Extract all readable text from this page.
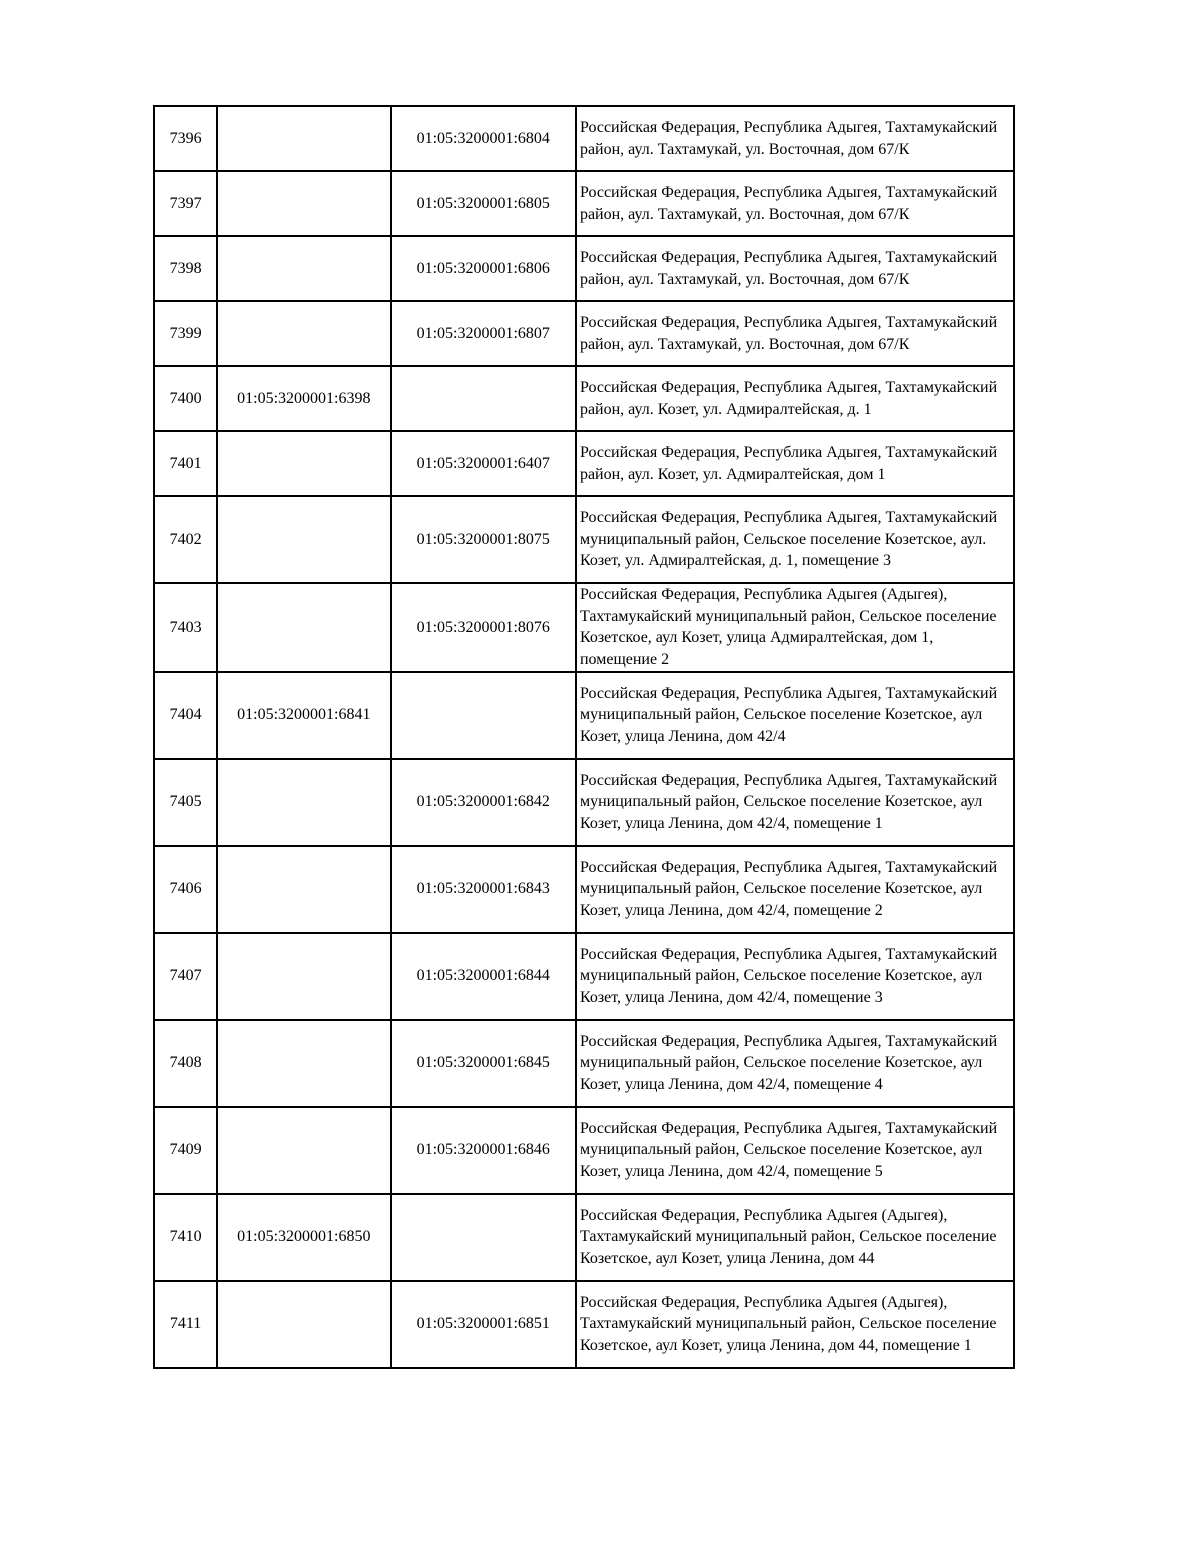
7396		01:05:3200001:6804	Российская Федерация, Республика Адыгея, Тахтамукайский район, аул. Тахтамукай, ул. Восточная, дом 67/К

7397		01:05:3200001:6805	Российская Федерация, Республика Адыгея, Тахтамукайский район, аул. Тахтамукай, ул. Восточная, дом 67/К

7398		01:05:3200001:6806	Российская Федерация, Республика Адыгея, Тахтамукайский район, аул. Тахтамукай, ул. Восточная, дом 67/К

7399		01:05:3200001:6807	Российская Федерация, Республика Адыгея, Тахтамукайский район, аул. Тахтамукай, ул. Восточная, дом 67/К

7400	01:05:3200001:6398		Российская Федерация, Республика Адыгея, Тахтамукайский район, аул. Козет, ул. Адмиралтейская, д. 1

7401		01:05:3200001:6407	Российская Федерация, Республика Адыгея, Тахтамукайский район, аул. Козет, ул. Адмиралтейская, дом 1

7402		01:05:3200001:8075	Российская Федерация, Республика Адыгея, Тахтамукайский муниципальный район, Сельское поселение Козетское, аул. Козет, ул. Адмиралтейская, д. 1, помещение 3

7403		01:05:3200001:8076	Российская Федерация, Республика Адыгея (Адыгея), Тахтамукайский муниципальный район, Сельское поселение Козетское, аул Козет, улица Адмиралтейская, дом 1, помещение 2

7404	01:05:3200001:6841		Российская Федерация, Республика Адыгея, Тахтамукайский муниципальный район, Сельское поселение Козетское, аул Козет, улица Ленина, дом 42/4

7405		01:05:3200001:6842	Российская Федерация, Республика Адыгея, Тахтамукайский муниципальный район, Сельское поселение Козетское, аул Козет, улица Ленина, дом 42/4, помещение 1

7406		01:05:3200001:6843	Российская Федерация, Республика Адыгея, Тахтамукайский муниципальный район, Сельское поселение Козетское, аул Козет, улица Ленина, дом 42/4, помещение 2

7407		01:05:3200001:6844	Российская Федерация, Республика Адыгея, Тахтамукайский муниципальный район, Сельское поселение Козетское, аул Козет, улица Ленина, дом 42/4, помещение 3

7408		01:05:3200001:6845	Российская Федерация, Республика Адыгея, Тахтамукайский муниципальный район, Сельское поселение Козетское, аул Козет, улица Ленина, дом 42/4, помещение 4

7409		01:05:3200001:6846	Российская Федерация, Республика Адыгея, Тахтамукайский муниципальный район, Сельское поселение Козетское, аул Козет, улица Ленина, дом 42/4, помещение 5

7410	01:05:3200001:6850		Российская Федерация, Республика Адыгея (Адыгея), Тахтамукайский муниципальный район, Сельское поселение Козетское, аул Козет, улица Ленина, дом 44

7411		01:05:3200001:6851	Российская Федерация, Республика Адыгея (Адыгея), Тахтамукайский муниципальный район, Сельское поселение Козетское, аул Козет, улица Ленина, дом 44, помещение 1
